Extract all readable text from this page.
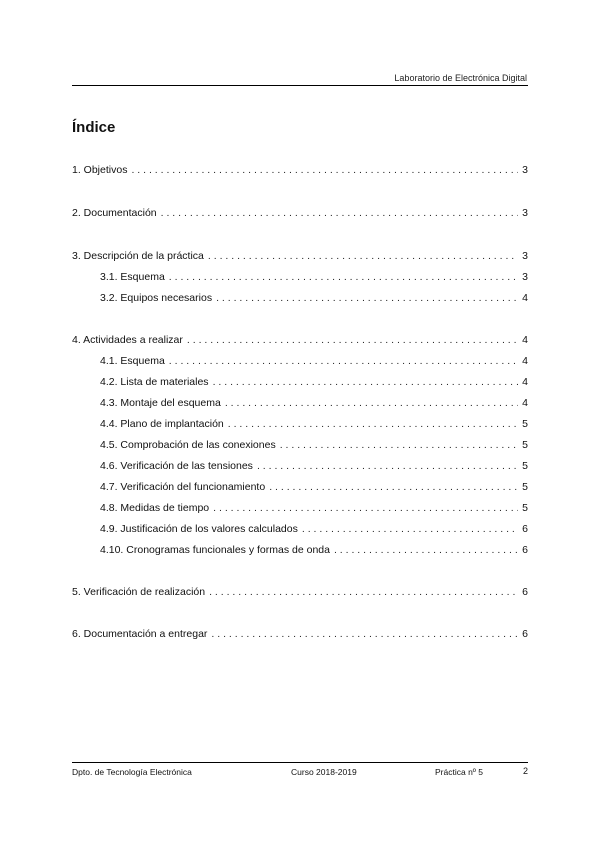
Laboratorio de Electrónica Digital
Índice
1. Objetivos . . .	3
2. Documentación . . .	3
3. Descripción de la práctica . . .	3
3.1. Esquema . . .	3
3.2. Equipos necesarios . . .	4
4. Actividades a realizar . . .	4
4.1. Esquema . . .	4
4.2. Lista de materiales . . .	4
4.3. Montaje del esquema . . .	4
4.4. Plano de implantación . . .	5
4.5. Comprobación de las conexiones . . .	5
4.6. Verificación de las tensiones . . .	5
4.7. Verificación del funcionamiento . . .	5
4.8. Medidas de tiempo . . .	5
4.9. Justificación de los valores calculados . . .	6
4.10. Cronogramas funcionales y formas de onda . . .	6
5. Verificación de realización . . .	6
6. Documentación a entregar . . .	6
Dpto. de Tecnología Electrónica	Curso 2018-2019	Práctica nº 5	2
